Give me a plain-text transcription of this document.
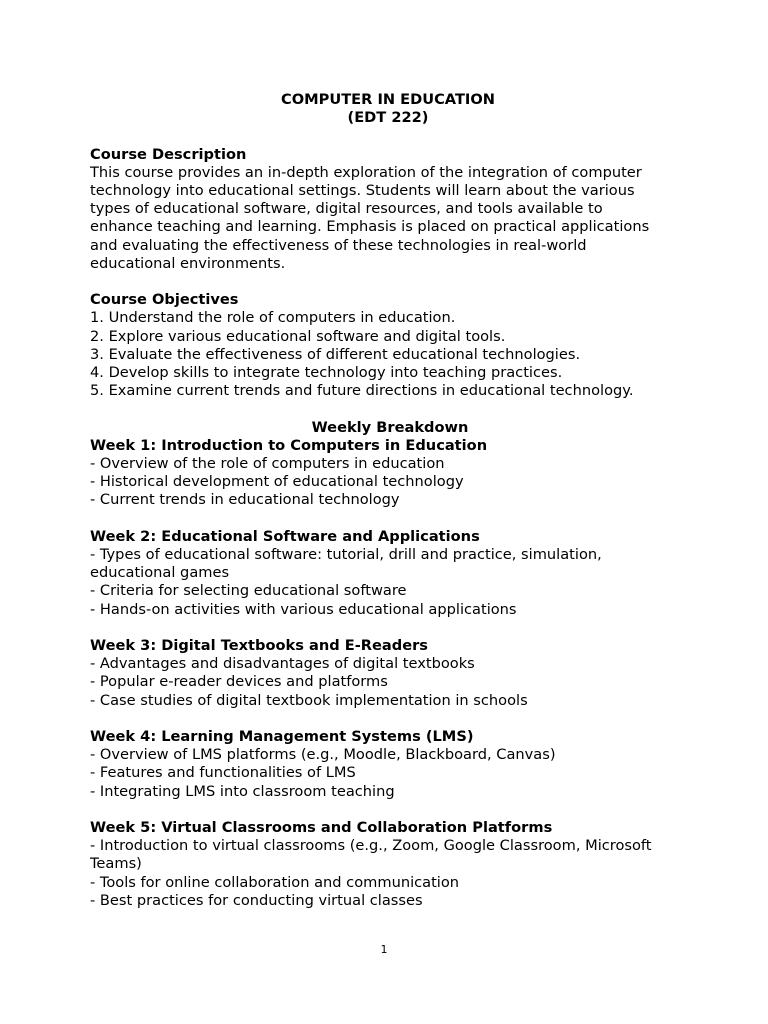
COMPUTER IN EDUCATION
(EDT 222)
Course Description
This course provides an in-depth exploration of the integration of computer
technology into educational settings. Students will learn about the various
types of educational software, digital resources, and tools available to
enhance teaching and learning. Emphasis is placed on practical applications
and evaluating the effectiveness of these technologies in real-world
educational environments.
Course Objectives
1. Understand the role of computers in education.
2. Explore various educational software and digital tools.
3. Evaluate the effectiveness of different educational technologies.
4. Develop skills to integrate technology into teaching practices.
5. Examine current trends and future directions in educational technology.
Weekly Breakdown
Week 1: Introduction to Computers in Education
- Overview of the role of computers in education
- Historical development of educational technology
- Current trends in educational technology
Week 2: Educational Software and Applications
- Types of educational software: tutorial, drill and practice, simulation,
educational games
- Criteria for selecting educational software
- Hands-on activities with various educational applications
Week 3: Digital Textbooks and E-Readers
- Advantages and disadvantages of digital textbooks
- Popular e-reader devices and platforms
- Case studies of digital textbook implementation in schools
Week 4: Learning Management Systems (LMS)
- Overview of LMS platforms (e.g., Moodle, Blackboard, Canvas)
- Features and functionalities of LMS
- Integrating LMS into classroom teaching
Week 5: Virtual Classrooms and Collaboration Platforms
- Introduction to virtual classrooms (e.g., Zoom, Google Classroom, Microsoft
Teams)
- Tools for online collaboration and communication
- Best practices for conducting virtual classes
1
